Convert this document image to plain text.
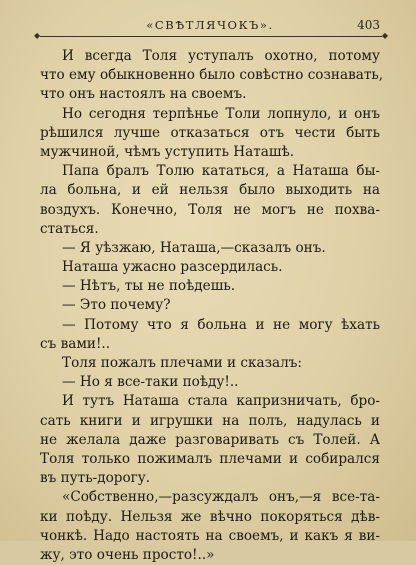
◆
«СВѢТЛЯЧОКЪ».	403
◆
И всегда Толя уступалъ охотно, потому
что ему обыкновенно было совѣстно сознавать,
что онъ настоялъ на своемъ.
Но сегодня терпѣнье Толи лопнуло, и онъ
рѣшился лучше отказаться отъ чести быть
мужчиной, чѣмъ уступить Наташѣ.
Папа бралъ Толю кататься, а Наташа бы-
ла больна, и ей нельзя было выходить на
воздухъ. Конечно, Толя не могъ не похва-
статься.
— Я уѣзжаю, Наташа,—сказалъ онъ.
Наташа ужасно разсердилась.
— Нѣтъ, ты не поѣдешь.
— Это почему?
— Потому что я больна и не могу ѣхать
съ вами!..
Толя пожалъ плечами и сказалъ:
— Но я все-таки поѣду!..
И тутъ Наташа стала капризничать, бро-
сать книги и игрушки на полъ, надулась и
не желала даже разговаривать съ Толей. А
Толя только пожималъ плечами и собирался
въ путь-дорогу.
«Собственно,—разсуждалъ онъ,—я все-та-
ки поѣду. Нельзя же вѣчно покоряться дѣв-
чонкѣ. Надо настоять на своемъ, и какъ я ви-
жу, это очень просто!..»
